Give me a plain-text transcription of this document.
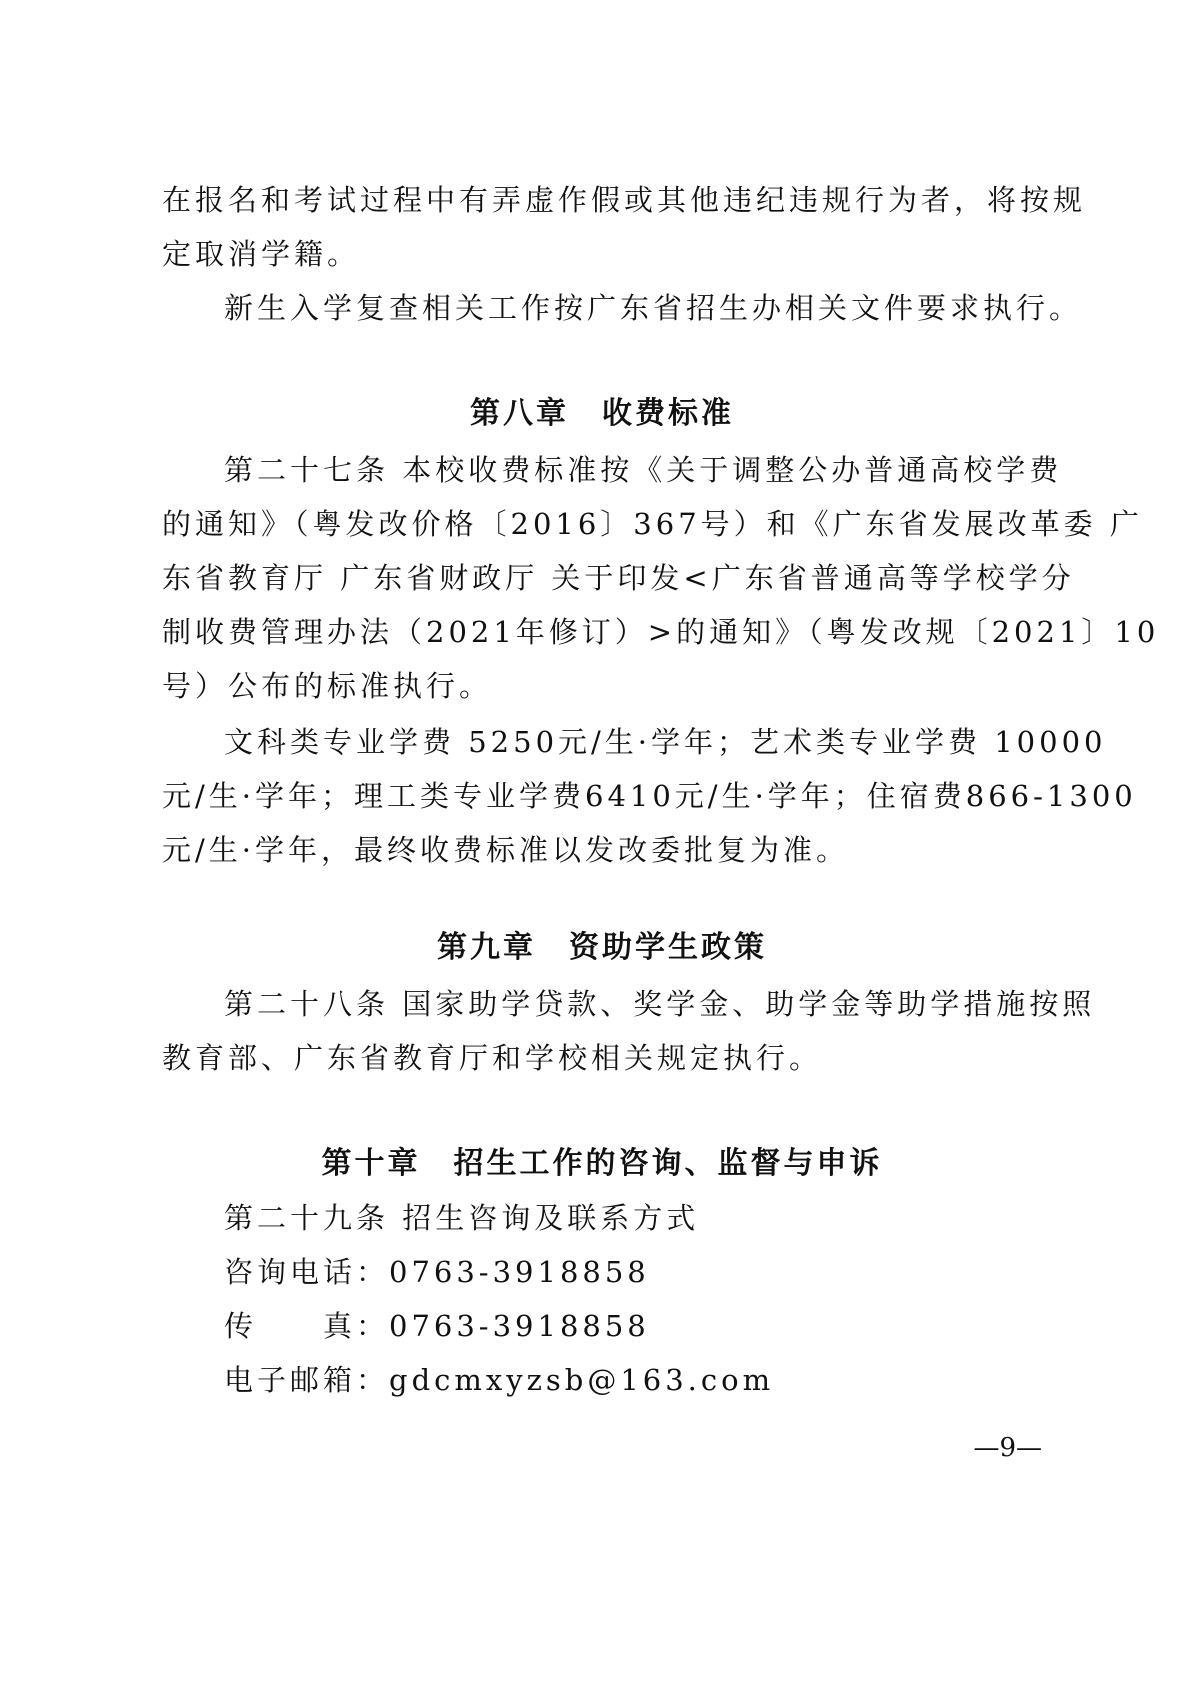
在报名和考试过程中有弄虚作假或其他违纪违规行为者，将按规
定取消学籍。
新生入学复查相关工作按广东省招生办相关文件要求执行。
第八章　收费标准
第二十七条 本校收费标准按《关于调整公办普通高校学费
的通知》（粤发改价格〔2016〕367号）和《广东省发展改革委 广
东省教育厅 广东省财政厅 关于印发<广东省普通高等学校学分
制收费管理办法（2021年修订）>的通知》（粤发改规〔2021〕10
号）公布的标准执行。
文科类专业学费 5250元/生·学年；艺术类专业学费 10000
元/生·学年；理工类专业学费6410元/生·学年；住宿费866-1300
元/生·学年，最终收费标准以发改委批复为准。
第九章　资助学生政策
第二十八条 国家助学贷款、奖学金、助学金等助学措施按照
教育部、广东省教育厅和学校相关规定执行。
第十章　招生工作的咨询、监督与申诉
第二十九条 招生咨询及联系方式
咨询电话：0763-3918858
传　　真：0763-3918858
电子邮箱：gdcmxyzsb@163.com
—9—
